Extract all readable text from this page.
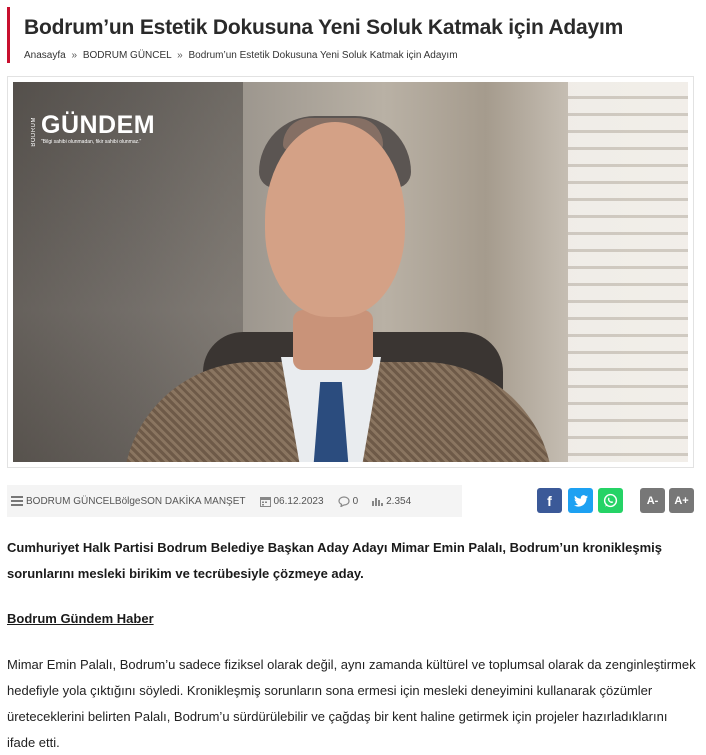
Bodrum’un Estetik Dokusuna Yeni Soluk Katmak için Adayım
Anasayfa » BODRUM GÜNCEL » Bodrum’un Estetik Dokusuna Yeni Soluk Katmak için Adayım
BODRUM GÜNDEM
"Bilgi sahibi olunmadan, fikir sahibi olunmaz."
BODRUM GÜNCELBölgeSON DAKİKA MANŞET	06.12.2023	0	2.354	f	A-	A+

Cumhuriyet Halk Partisi Bodrum Belediye Başkan Aday Adayı Mimar Emin Palalı, Bodrum’un kronikleşmiş sorunlarını mesleki birikim ve tecrübesiyle çözmeye aday.

Bodrum Gündem Haber

Mimar Emin Palalı, Bodrum’u sadece fiziksel olarak değil, aynı zamanda kültürel ve toplumsal olarak da zenginleştirmek hedefiyle yola çıktığını söyledi. Kronikleşmiş sorunların sona ermesi için mesleki deneyimini kullanarak çözümler üreteceklerini belirten Palalı, Bodrum’u sürdürülebilir ve çağdaş bir kent haline getirmek için projeler hazırladıklarını ifade etti.
